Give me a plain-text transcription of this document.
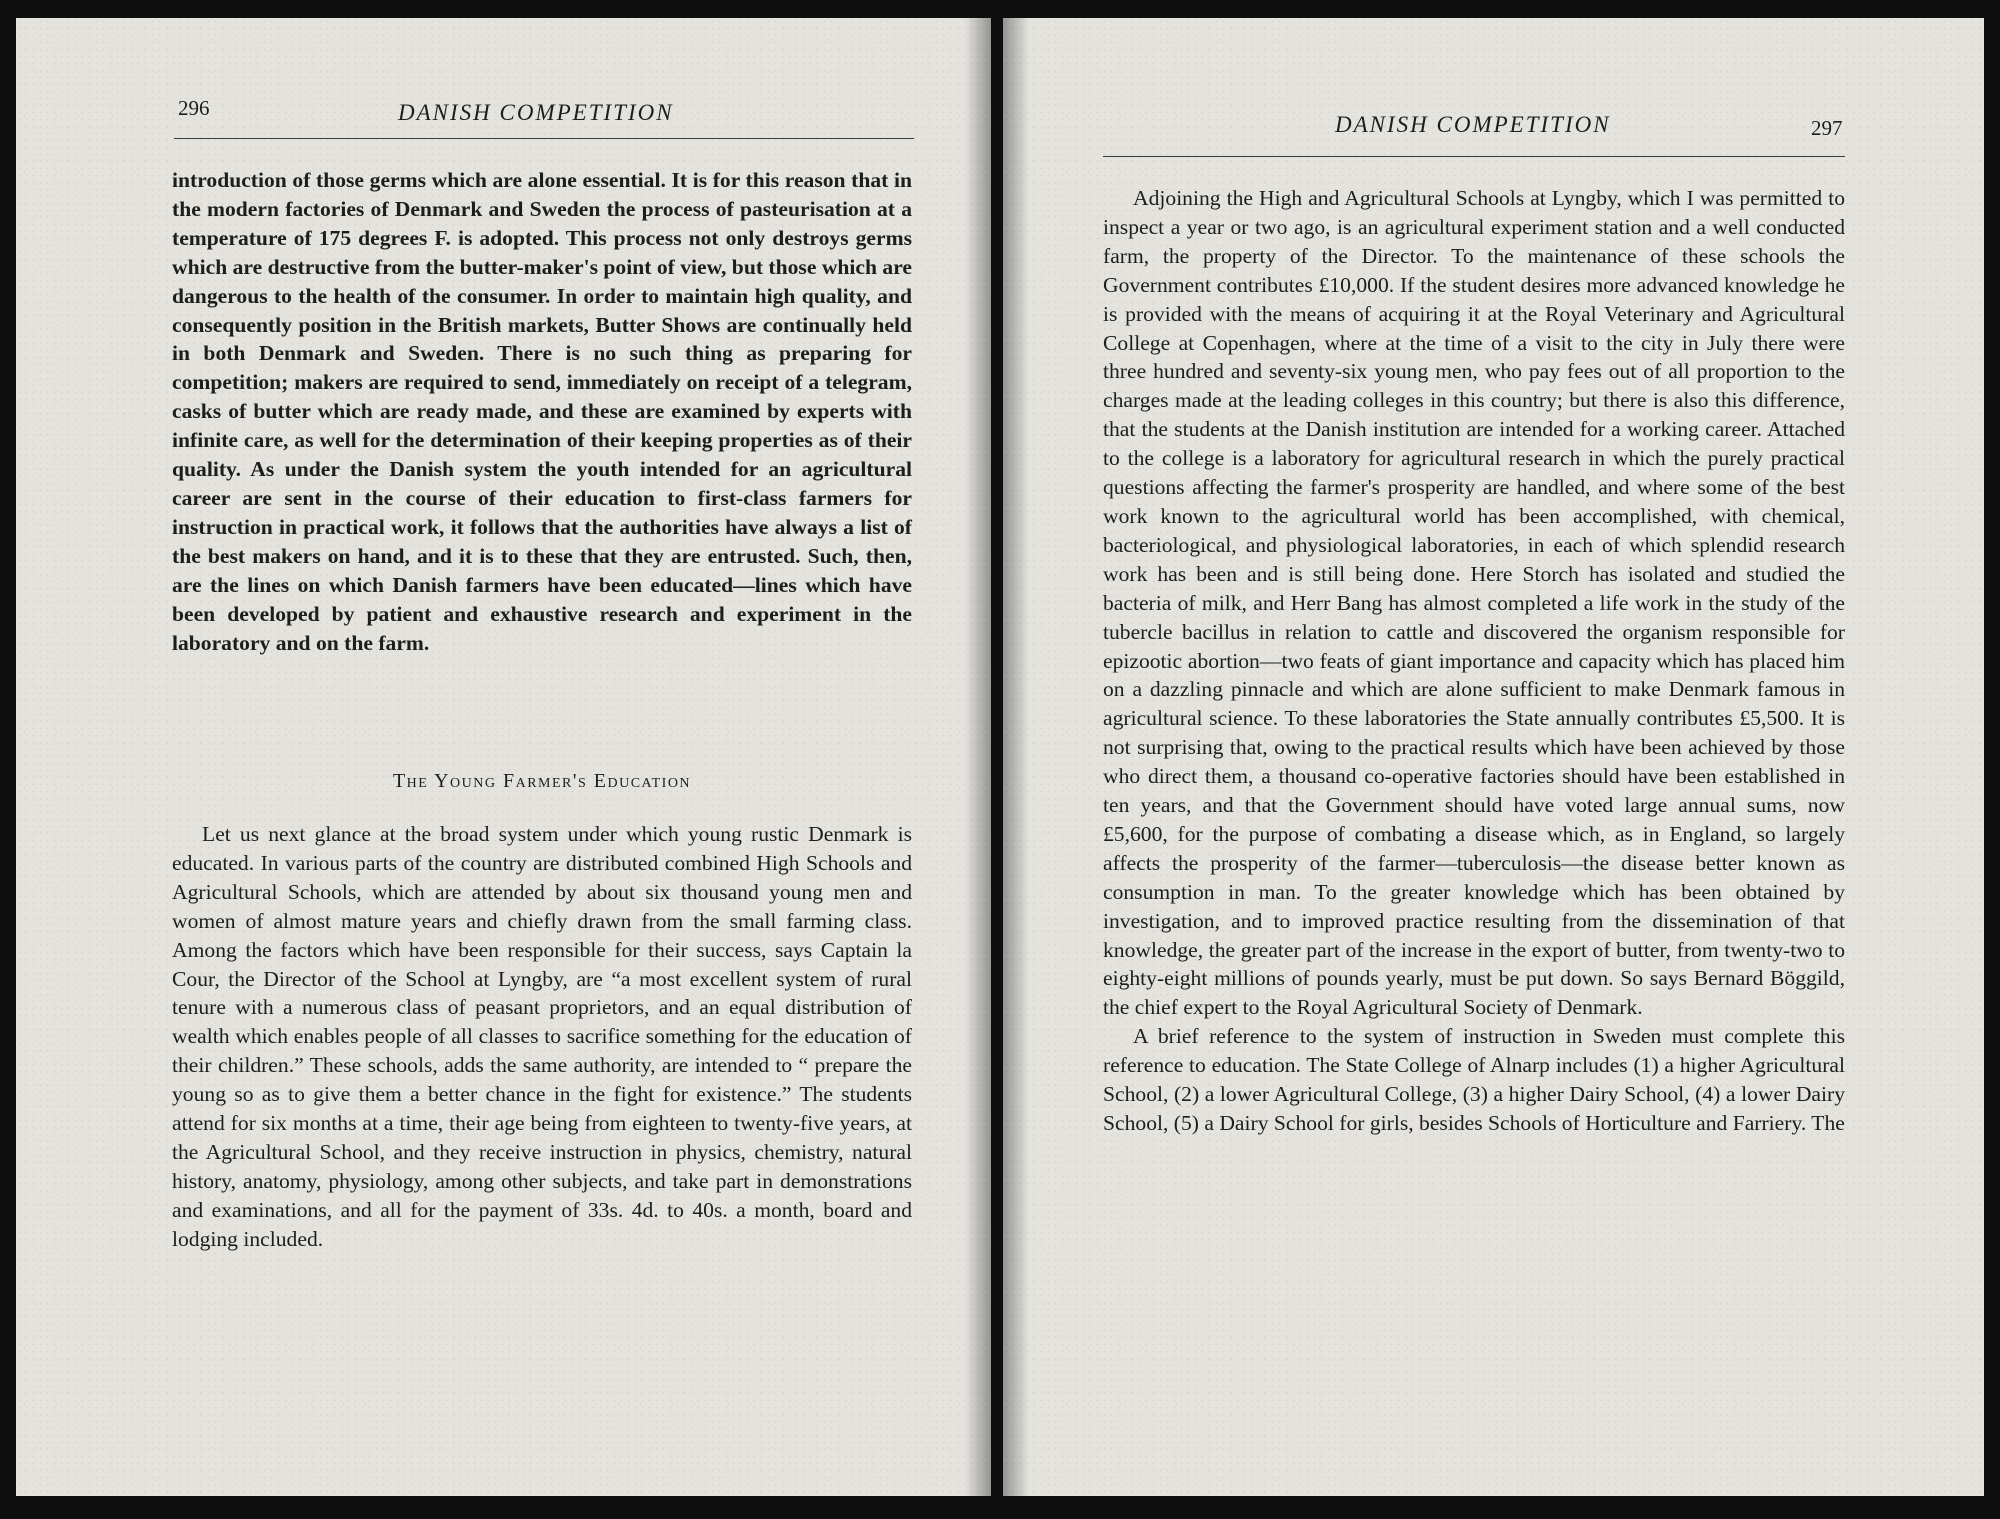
296	DANISH COMPETITION

introduction of those germs which are alone essential. It is for this reason that in the modern factories of Denmark and Sweden the process of pasteurisation at a temperature of 175 degrees F. is adopted. This process not only destroys germs which are destructive from the butter-maker's point of view, but those which are dangerous to the health of the consumer. In order to maintain high quality, and consequently position in the British markets, Butter Shows are continually held in both Denmark and Sweden. There is no such thing as preparing for competition; makers are required to send, immediately on receipt of a telegram, casks of butter which are ready made, and these are examined by experts with infinite care, as well for the determination of their keeping properties as of their quality. As under the Danish system the youth intended for an agricultural career are sent in the course of their education to first-class farmers for instruction in practical work, it follows that the authorities have always a list of the best makers on hand, and it is to these that they are entrusted. Such, then, are the lines on which Danish farmers have been educated—lines which have been developed by patient and exhaustive research and experiment in the laboratory and on the farm.

The Young Farmer's Education

Let us next glance at the broad system under which young rustic Denmark is educated. In various parts of the country are distributed combined High Schools and Agricultural Schools, which are attended by about six thousand young men and women of almost mature years and chiefly drawn from the small farming class. Among the factors which have been responsible for their success, says Captain la Cour, the Director of the School at Lyngby, are “a most excellent system of rural tenure with a numerous class of peasant proprietors, and an equal distribution of wealth which enables people of all classes to sacrifice something for the education of their children.” These schools, adds the same authority, are intended to “ prepare the young so as to give them a better chance in the fight for existence.” The students attend for six months at a time, their age being from eighteen to twenty-five years, at the Agricultural School, and they receive instruction in physics, chemistry, natural history, anatomy, physiology, among other subjects, and take part in demonstrations and examinations, and all for the payment of 33s. 4d. to 40s. a month, board and lodging included.

DANISH COMPETITION	297

Adjoining the High and Agricultural Schools at Lyngby, which I was permitted to inspect a year or two ago, is an agricultural experiment station and a well conducted farm, the property of the Director. To the maintenance of these schools the Government contributes £10,000. If the student desires more advanced knowledge he is provided with the means of acquiring it at the Royal Veterinary and Agricultural College at Copenhagen, where at the time of a visit to the city in July there were three hundred and seventy-six young men, who pay fees out of all proportion to the charges made at the leading colleges in this country; but there is also this difference, that the students at the Danish institution are intended for a working career. Attached to the college is a laboratory for agricultural research in which the purely practical questions affecting the farmer's prosperity are handled, and where some of the best work known to the agricultural world has been accomplished, with chemical, bacteriological, and physiological laboratories, in each of which splendid research work has been and is still being done. Here Storch has isolated and studied the bacteria of milk, and Herr Bang has almost completed a life work in the study of the tubercle bacillus in relation to cattle and discovered the organism responsible for epizootic abortion—two feats of giant importance and capacity which has placed him on a dazzling pinnacle and which are alone sufficient to make Denmark famous in agricultural science. To these laboratories the State annually contributes £5,500. It is not surprising that, owing to the practical results which have been achieved by those who direct them, a thousand co-operative factories should have been established in ten years, and that the Government should have voted large annual sums, now £5,600, for the purpose of combating a disease which, as in England, so largely affects the prosperity of the farmer—tuberculosis—the disease better known as consumption in man. To the greater knowledge which has been obtained by investigation, and to improved practice resulting from the dissemination of that knowledge, the greater part of the increase in the export of butter, from twenty-two to eighty-eight millions of pounds yearly, must be put down. So says Bernard Böggild, the chief expert to the Royal Agricultural Society of Denmark.

A brief reference to the system of instruction in Sweden must complete this reference to education. The State College of Alnarp includes (1) a higher Agricultural School, (2) a lower Agricultural College, (3) a higher Dairy School, (4) a lower Dairy School, (5) a Dairy School for girls, besides Schools of Horticulture and Farriery. The
